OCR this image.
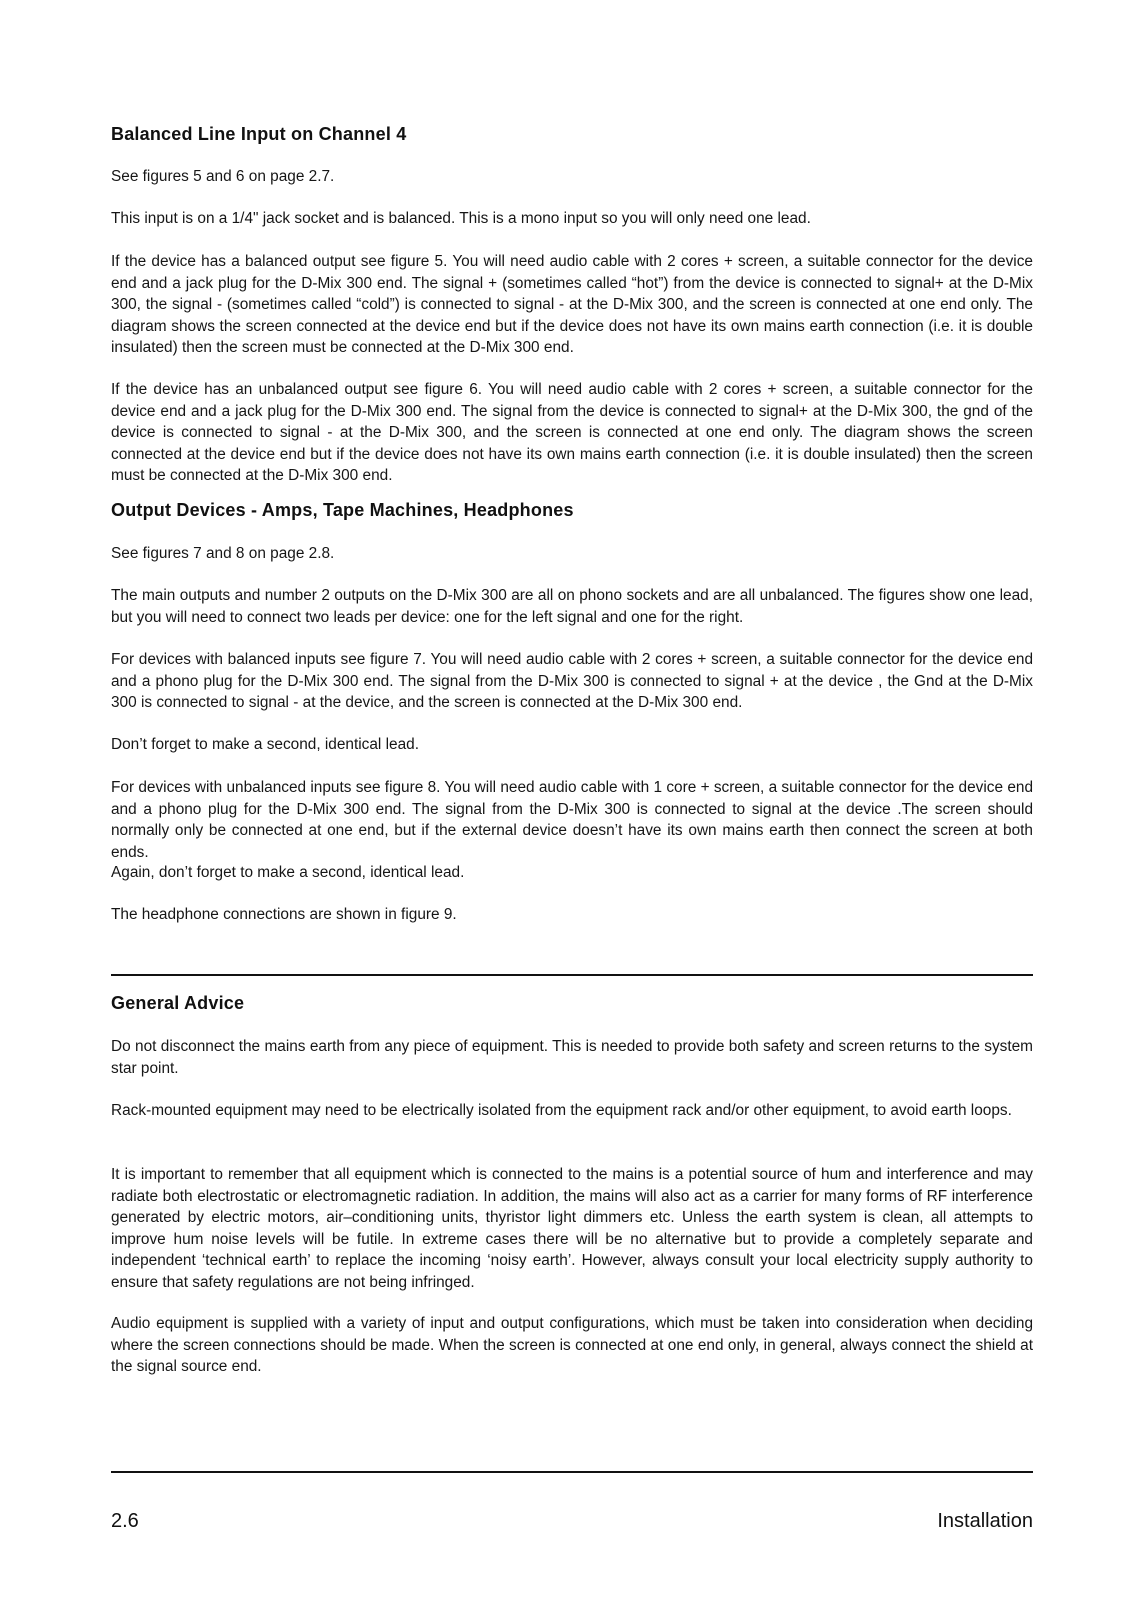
Balanced Line Input on Channel 4

See figures 5 and 6 on page 2.7.

This input is on a 1/4" jack socket and is balanced. This is a mono input so you will only need one lead.

If the device has a balanced output see figure 5. You will need audio cable with 2 cores + screen, a suitable connector for the device end and a jack plug for the D-Mix 300 end. The signal + (sometimes called “hot”) from the device is connected to signal+ at the D-Mix 300, the signal - (sometimes called “cold”) is connected to signal - at the D-Mix 300, and the screen is connected at one end only. The diagram shows the screen connected at the device end but if the device does not have its own mains earth connection (i.e. it is double insulated) then the screen must be connected at the D-Mix 300 end.

If the device has an unbalanced output see figure 6. You will need audio cable with 2 cores + screen, a suitable connector for the device end and a jack plug for the D-Mix 300 end. The signal from the device is connected to signal+ at the D-Mix 300, the gnd of the device is connected to signal - at the D-Mix 300, and the screen is connected at one end only. The diagram shows the screen connected at the device end but if the device does not have its own mains earth connection (i.e. it is double insulated) then the screen must be connected at the D-Mix 300 end.

Output Devices - Amps, Tape Machines, Headphones

See figures 7 and 8 on page 2.8.

The main outputs and number 2 outputs on the D-Mix 300 are all on phono sockets and are all unbalanced. The figures show one lead, but you will need to connect two leads per device: one for the left signal and one for the right.

For devices with balanced inputs see figure 7. You will need audio cable with 2 cores + screen, a suitable connector for the device end and a phono plug for the D-Mix 300 end. The signal from the D-Mix 300 is connected to signal + at the device , the Gnd at the D-Mix 300 is connected to signal - at the device, and the screen is connected at the D-Mix 300 end.

Don’t forget to make a second, identical lead.

For devices with unbalanced inputs see figure 8. You will need audio cable with 1 core + screen, a suitable connector for the device end and a phono plug for the D-Mix 300 end. The signal from the D-Mix 300 is connected to signal at the device .The screen should normally only be connected at one end, but if the external device doesn’t have its own mains earth then connect the screen at both ends.

Again, don’t forget to make a second, identical lead.

The headphone connections are shown in figure 9.

General Advice

Do not disconnect the mains earth from any piece of equipment. This is needed to provide both safety and screen returns to the system star point.

Rack-mounted equipment may need to be electrically isolated from the equipment rack and/or other equipment, to avoid earth loops.

It is important to remember that all equipment which is connected to the mains is a potential source of hum and interference and may radiate both electrostatic or electromagnetic radiation. In addition, the mains will also act as a carrier for many forms of RF interference generated by electric motors, air–conditioning units, thyristor light dimmers etc. Unless the earth system is clean, all attempts to improve hum noise levels will be futile. In extreme cases there will be no alternative but to provide a completely separate and independent ‘technical earth’ to replace the incoming ‘noisy earth’. However, always consult your local electricity supply authority to ensure that safety regulations are not being infringed.

Audio equipment is supplied with a variety of input and output configurations, which must be taken into consideration when deciding where the screen connections should be made. When the screen is connected at one end only, in general, always connect the shield at the signal source end.

2.6	Installation
